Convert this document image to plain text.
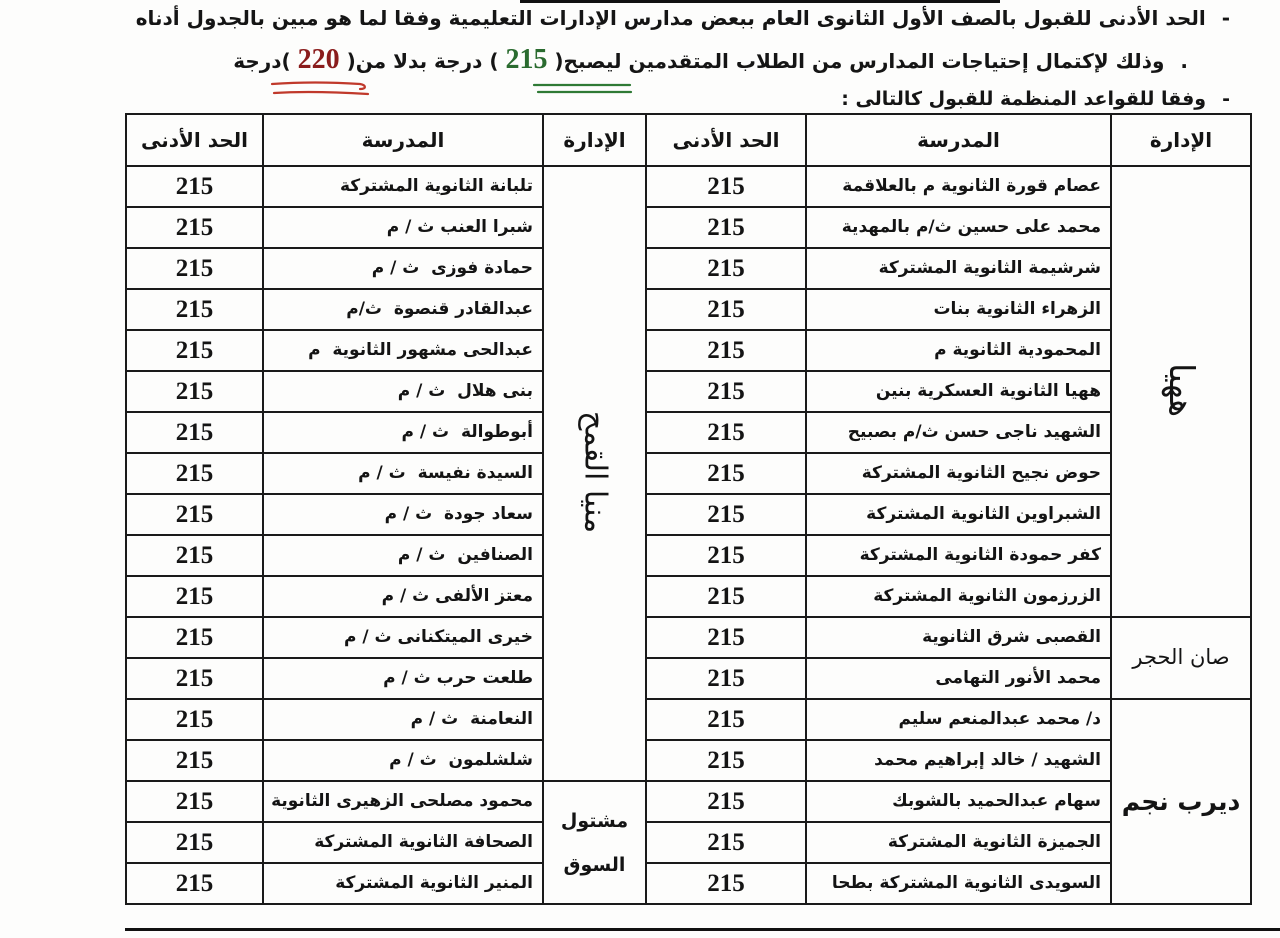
-الحد الأدنى للقبول بالصف الأول الثانوى العام ببعض مدارس الإدارات التعليمية وفقا لما هو مبين بالجدول أدناه
.وذلك لإكتمال إحتياجات المدارس من الطلاب المتقدمين ليصبح( 215
) درجة بدلا من( 220
)درجة
-وفقا للقواعد المنظمة للقبول كالتالى :
الإدارة	المدرسة	الحد الأدنى	الإدارة	المدرسة	الحد الأدنى
ههيا	عصام قورة الثانوية م بالعلاقمة	215	منيا القمح	تلبانة الثانوية المشتركة	215
	محمد على حسين ث/م بالمهدية	215		شبرا العنب ث / م	215
	شرشيمة الثانوية المشتركة	215		حمادة فوزى  ث / م	215
	الزهراء الثانوية بنات	215		عبدالقادر قنصوة  ث/م	215
	المحمودية الثانوية م	215		عبدالحى مشهور الثانوية  م	215
	ههيا الثانوية العسكرية بنين	215		بنى هلال  ث / م	215
	الشهيد ناجى حسن ث/م بصبيح	215		أبوطوالة  ث / م	215
	حوض نجيح الثانوية المشتركة	215		السيدة نفيسة  ث / م	215
	الشبراوين الثانوية المشتركة	215		سعاد جودة  ث / م	215
	كفر حمودة الثانوية المشتركة	215		الصنافين  ث / م	215
	الزرزمون الثانوية المشتركة	215		معتز الألفى ث / م	215
صان الحجر	القصبى شرق الثانوية	215		خيرى الميتكنانى ث / م	215
	محمد الأنور التهامى	215		طلعت حرب ث / م	215
ديرب نجم	د/ محمد عبدالمنعم سليم	215		النعامنة  ث / م	215
	الشهيد / خالد إبراهيم محمد	215		شلشلمون  ث / م	215
	سهام عبدالحميد بالشوبك	215	مشتول السوق	محمود مصلحى الزهيرى الثانوية	215
	الجميزة الثانوية المشتركة	215		الصحافة الثانوية المشتركة	215
	السويدى الثانوية المشتركة بطحا	215		المنير الثانوية المشتركة	215
